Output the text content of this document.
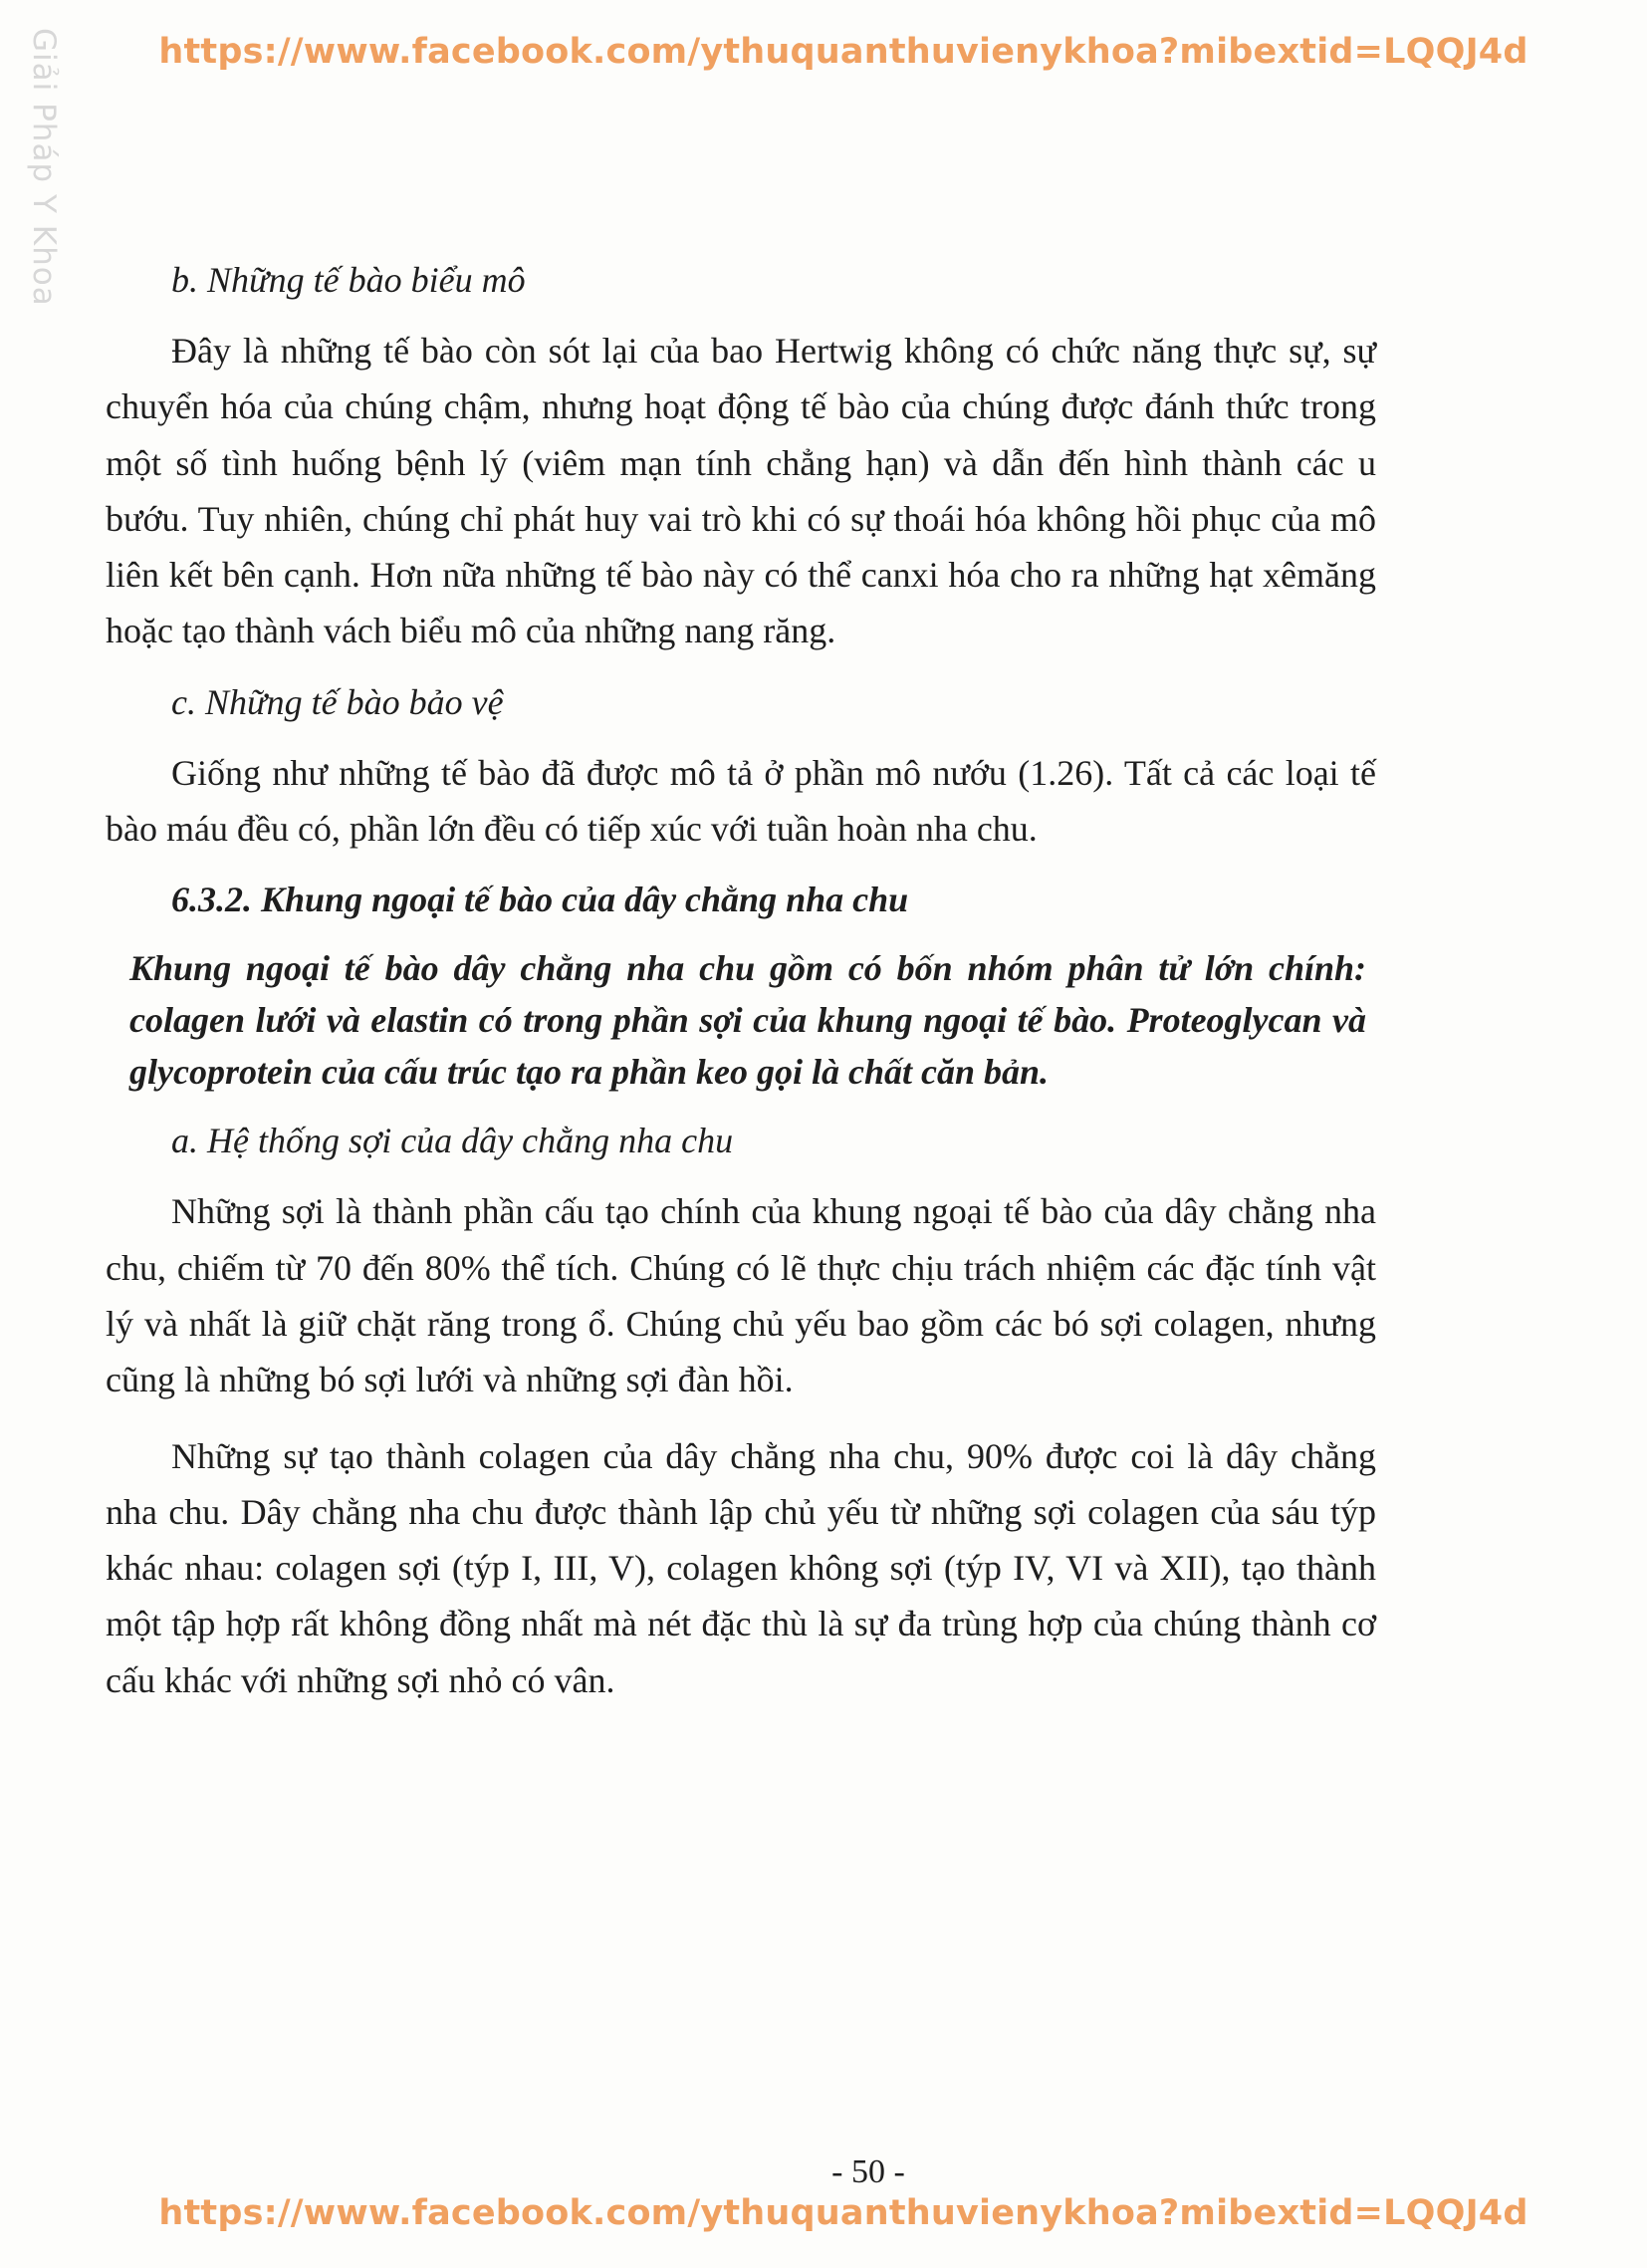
https://www.facebook.com/ythuquanthuvienykhoa?mibextid=LQQJ4d
Giải Pháp Y Khoa	b. Những tế bào biểu mô

Đây là những tế bào còn sót lại của bao Hertwig không có chức năng thực sự, sự chuyển hóa của chúng chậm, nhưng hoạt động tế bào của chúng được đánh thức trong một số tình huống bệnh lý (viêm mạn tính chẳng hạn) và dẫn đến hình thành các u bướu. Tuy nhiên, chúng chỉ phát huy vai trò khi có sự thoái hóa không hồi phục của mô liên kết bên cạnh. Hơn nữa những tế bào này có thể canxi hóa cho ra những hạt xêmăng hoặc tạo thành vách biểu mô của những nang răng.

c. Những tế bào bảo vệ

Giống như những tế bào đã được mô tả ở phần mô nướu (1.26). Tất cả các loại tế bào máu đều có, phần lớn đều có tiếp xúc với tuần hoàn nha chu.

6.3.2. Khung ngoại tế bào của dây chằng nha chu

Khung ngoại tế bào dây chằng nha chu gồm có bốn nhóm phân tử lớn chính: colagen lưới và elastin có trong phần sợi của khung ngoại tế bào. Proteoglycan và glycoprotein của cấu trúc tạo ra phần keo gọi là chất căn bản.

a. Hệ thống sợi của dây chằng nha chu

Những sợi là thành phần cấu tạo chính của khung ngoại tế bào của dây chằng nha chu, chiếm từ 70 đến 80% thể tích. Chúng có lẽ thực chịu trách nhiệm các đặc tính vật lý và nhất là giữ chặt răng trong ổ. Chúng chủ yếu bao gồm các bó sợi colagen, nhưng cũng là những bó sợi lưới và những sợi đàn hồi.

Những sự tạo thành colagen của dây chằng nha chu, 90% được coi là dây chằng nha chu. Dây chằng nha chu được thành lập chủ yếu từ những sợi colagen của sáu týp khác nhau: colagen sợi (týp I, III, V), colagen không sợi (týp IV, VI và XII), tạo thành một tập hợp rất không đồng nhất mà nét đặc thù là sự đa trùng hợp của chúng thành cơ cấu khác với những sợi nhỏ có vân.

- 50 -
https://www.facebook.com/ythuquanthuvienykhoa?mibextid=LQQJ4d
